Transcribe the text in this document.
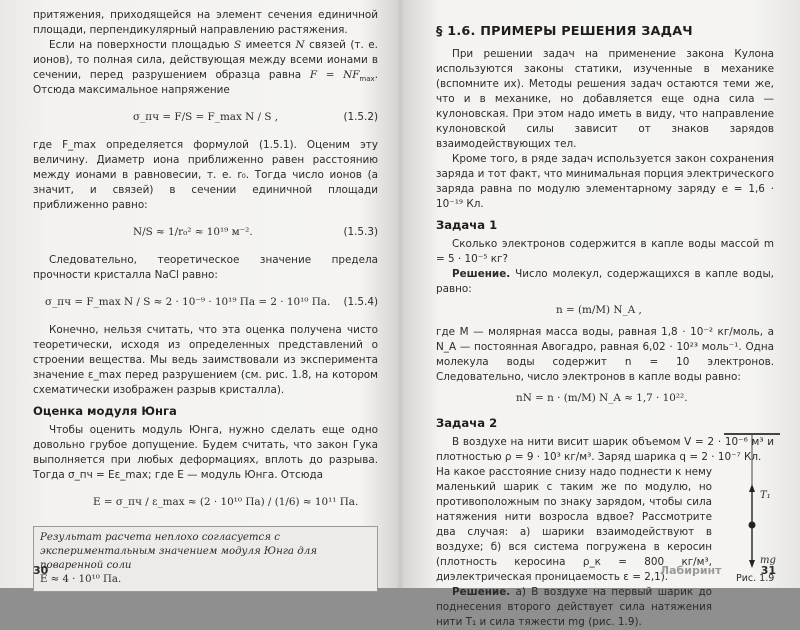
притяжения, приходящейся на элемент сечения единичной площади, перпендикулярный направлению растяжения.

Если на поверхности площадью S имеется N связей (т. е. ионов), то полная сила, действующая между всеми ионами в сечении, перед разрушением образца равна $F = NF_{max}$. Отсюда максимальное напряжение

σ_пч = F/S = F_max N / S ,	(1.5.2)

где F_max определяется формулой (1.5.1). Оценим эту величину. Диаметр иона приближенно равен расстоянию между ионами в равновесии, т. е. r₀. Тогда число ионов (а значит, и связей) в сечении единичной площади приближенно равно:

N/S ≈ 1/r₀² ≈ 10¹⁹ м⁻².	(1.5.3)

Следовательно, теоретическое значение предела прочности кристалла NaCl равно:

σ_пч = F_max N / S ≈ 2 · 10⁻⁹ · 10¹⁹ Па = 2 · 10¹⁰ Па. (1.5.4)

Конечно, нельзя считать, что эта оценка получена чисто теоретически, исходя из определенных представлений о строении вещества. Мы ведь заимствовали из эксперимента значение ε_max перед разрушением (см. рис. 1.8, на котором схематически изображен разрыв кристалла).

Оценка модуля Юнга

Чтобы оценить модуль Юнга, нужно сделать еще одно довольно грубое допущение. Будем считать, что закон Гука выполняется при любых деформациях, вплоть до разрыва. Тогда σ_пч = Eε_max; где E — модуль Юнга. Отсюда

E = σ_пч / ε_max ≈ (2 · 10¹⁰ Па) / (1/6) ≈ 10¹¹ Па.
Результат расчета неплохо согласуется с экспериментальным значением модуля Юнга для поваренной соли
E ≈ 4 · 10¹⁰ Па.
30
§ 1.6. ПРИМЕРЫ РЕШЕНИЯ ЗАДАЧ

При решении задач на применение закона Кулона используются законы статики, изученные в механике (вспомните их). Методы решения задач остаются теми же, что и в механике, но добавляется еще одна сила — кулоновская. При этом надо иметь в виду, что направление кулоновской силы зависит от знаков зарядов взаимодействующих тел.

Кроме того, в ряде задач используется закон сохранения заряда и тот факт, что минимальная порция электрического заряда равна по модулю элементарному заряду e = 1,6 · 10⁻¹⁹ Кл.

Задача 1

Сколько электронов содержится в капле воды массой m = 5 · 10⁻⁵ кг?

Решение. Число молекул, содержащихся в капле воды, равно:

n = (m/M) N_A ,

где M — молярная масса воды, равная 1,8 · 10⁻² кг/моль, а N_A — постоянная Авогадро, равная 6,02 · 10²³ моль⁻¹. Одна молекула воды содержит n = 10 электронов. Следовательно, число электронов в капле воды равно:

nN = n · (m/M) N_A ≈ 1,7 · 10²².
Задача 2

В воздухе на нити висит шарик объемом V = 2 · 10⁻⁶ м³ и плотностью ρ = 9 · 10³ кг/м³. Заряд шарика q = 2 · 10⁻⁷ Кл.

На какое расстояние снизу надо поднести к нему маленький шарик с таким же по модулю, но противоположным по знаку зарядом, чтобы сила натяжения нити возросла вдвое? Рассмотрите два случая: а) шарики взаимодействуют в воздухе; б) вся система погружена в керосин (плотность керосина ρ_к = 800 кг/м³, диэлектрическая проницаемость ε = 2,1).

Решение. а) В воздухе на первый шарик до поднесения второго действует сила натяжения нити T₁ и сила тяжести mg (рис. 1.9).

T₁
mg
Рис. 1.9
31
Лабиринт
